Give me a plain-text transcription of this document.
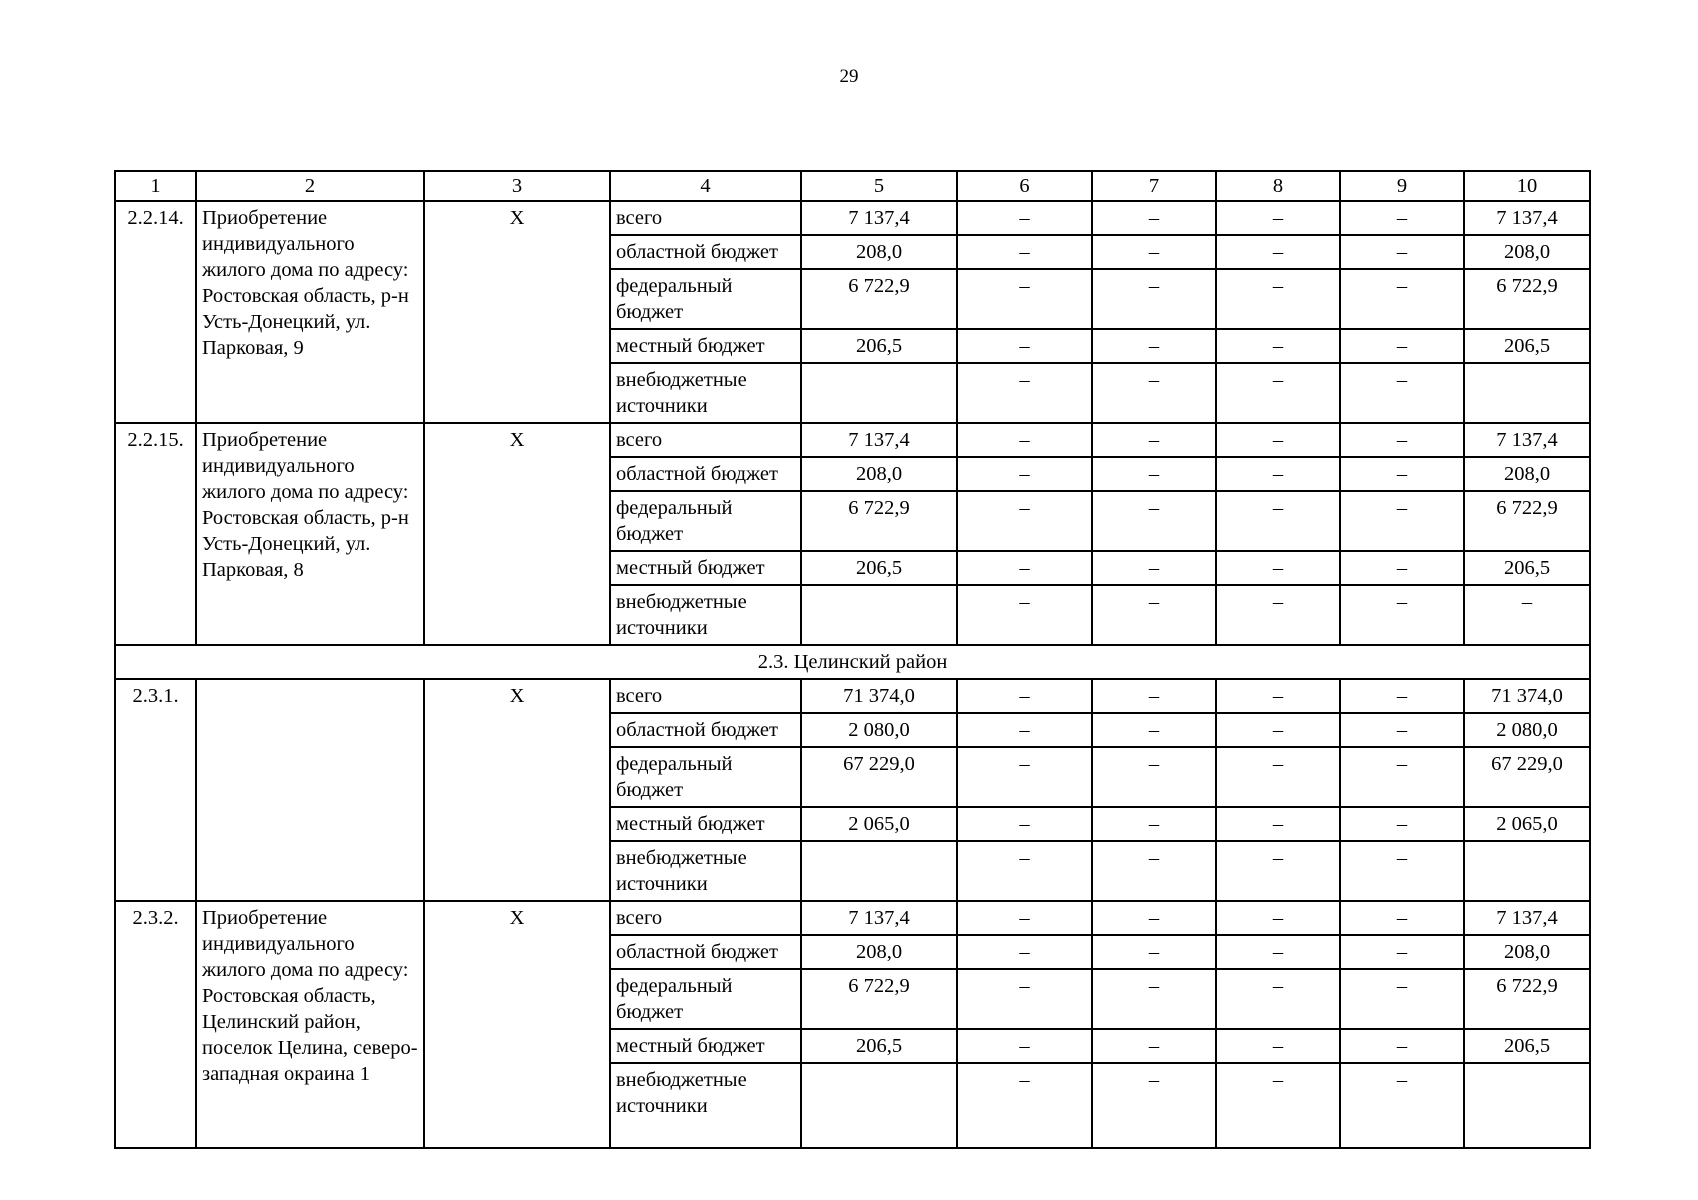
29
1	2	3	4	5	6	7	8	9	10
2.2.14.	Приобретение индивидуального жилого дома по адресу: Ростовская область, р-н Усть-Донецкий, ул. Парковая, 9	Х	всего	7 137,4	–	–	–	–	7 137,4
			областной бюджет	208,0	–	–	–	–	208,0
			федеральный бюджет	6 722,9	–	–	–	–	6 722,9
			местный бюджет	206,5	–	–	–	–	206,5
			внебюджетные источники		–	–	–	–	
2.2.15.	Приобретение индивидуального жилого дома по адресу: Ростовская область, р-н Усть-Донецкий, ул. Парковая, 8	Х	всего	7 137,4	–	–	–	–	7 137,4
			областной бюджет	208,0	–	–	–	–	208,0
			федеральный бюджет	6 722,9	–	–	–	–	6 722,9
			местный бюджет	206,5	–	–	–	–	206,5
			внебюджетные источники		–	–	–	–	–
2.3. Целинский район									
2.3.1.		Х	всего	71 374,0	–	–	–	–	71 374,0
			областной бюджет	2 080,0	–	–	–	–	2 080,0
			федеральный бюджет	67 229,0	–	–	–	–	67 229,0
			местный бюджет	2 065,0	–	–	–	–	2 065,0
			внебюджетные источники		–	–	–	–	
2.3.2.	Приобретение индивидуального жилого дома по адресу: Ростовская область, Целинский район, поселок Целина, северо-западная окраина 1	Х	всего	7 137,4	–	–	–	–	7 137,4
			областной бюджет	208,0	–	–	–	–	208,0
			федеральный бюджет	6 722,9	–	–	–	–	6 722,9
			местный бюджет	206,5	–	–	–	–	206,5
			внебюджетные источники		–	–	–	–	
